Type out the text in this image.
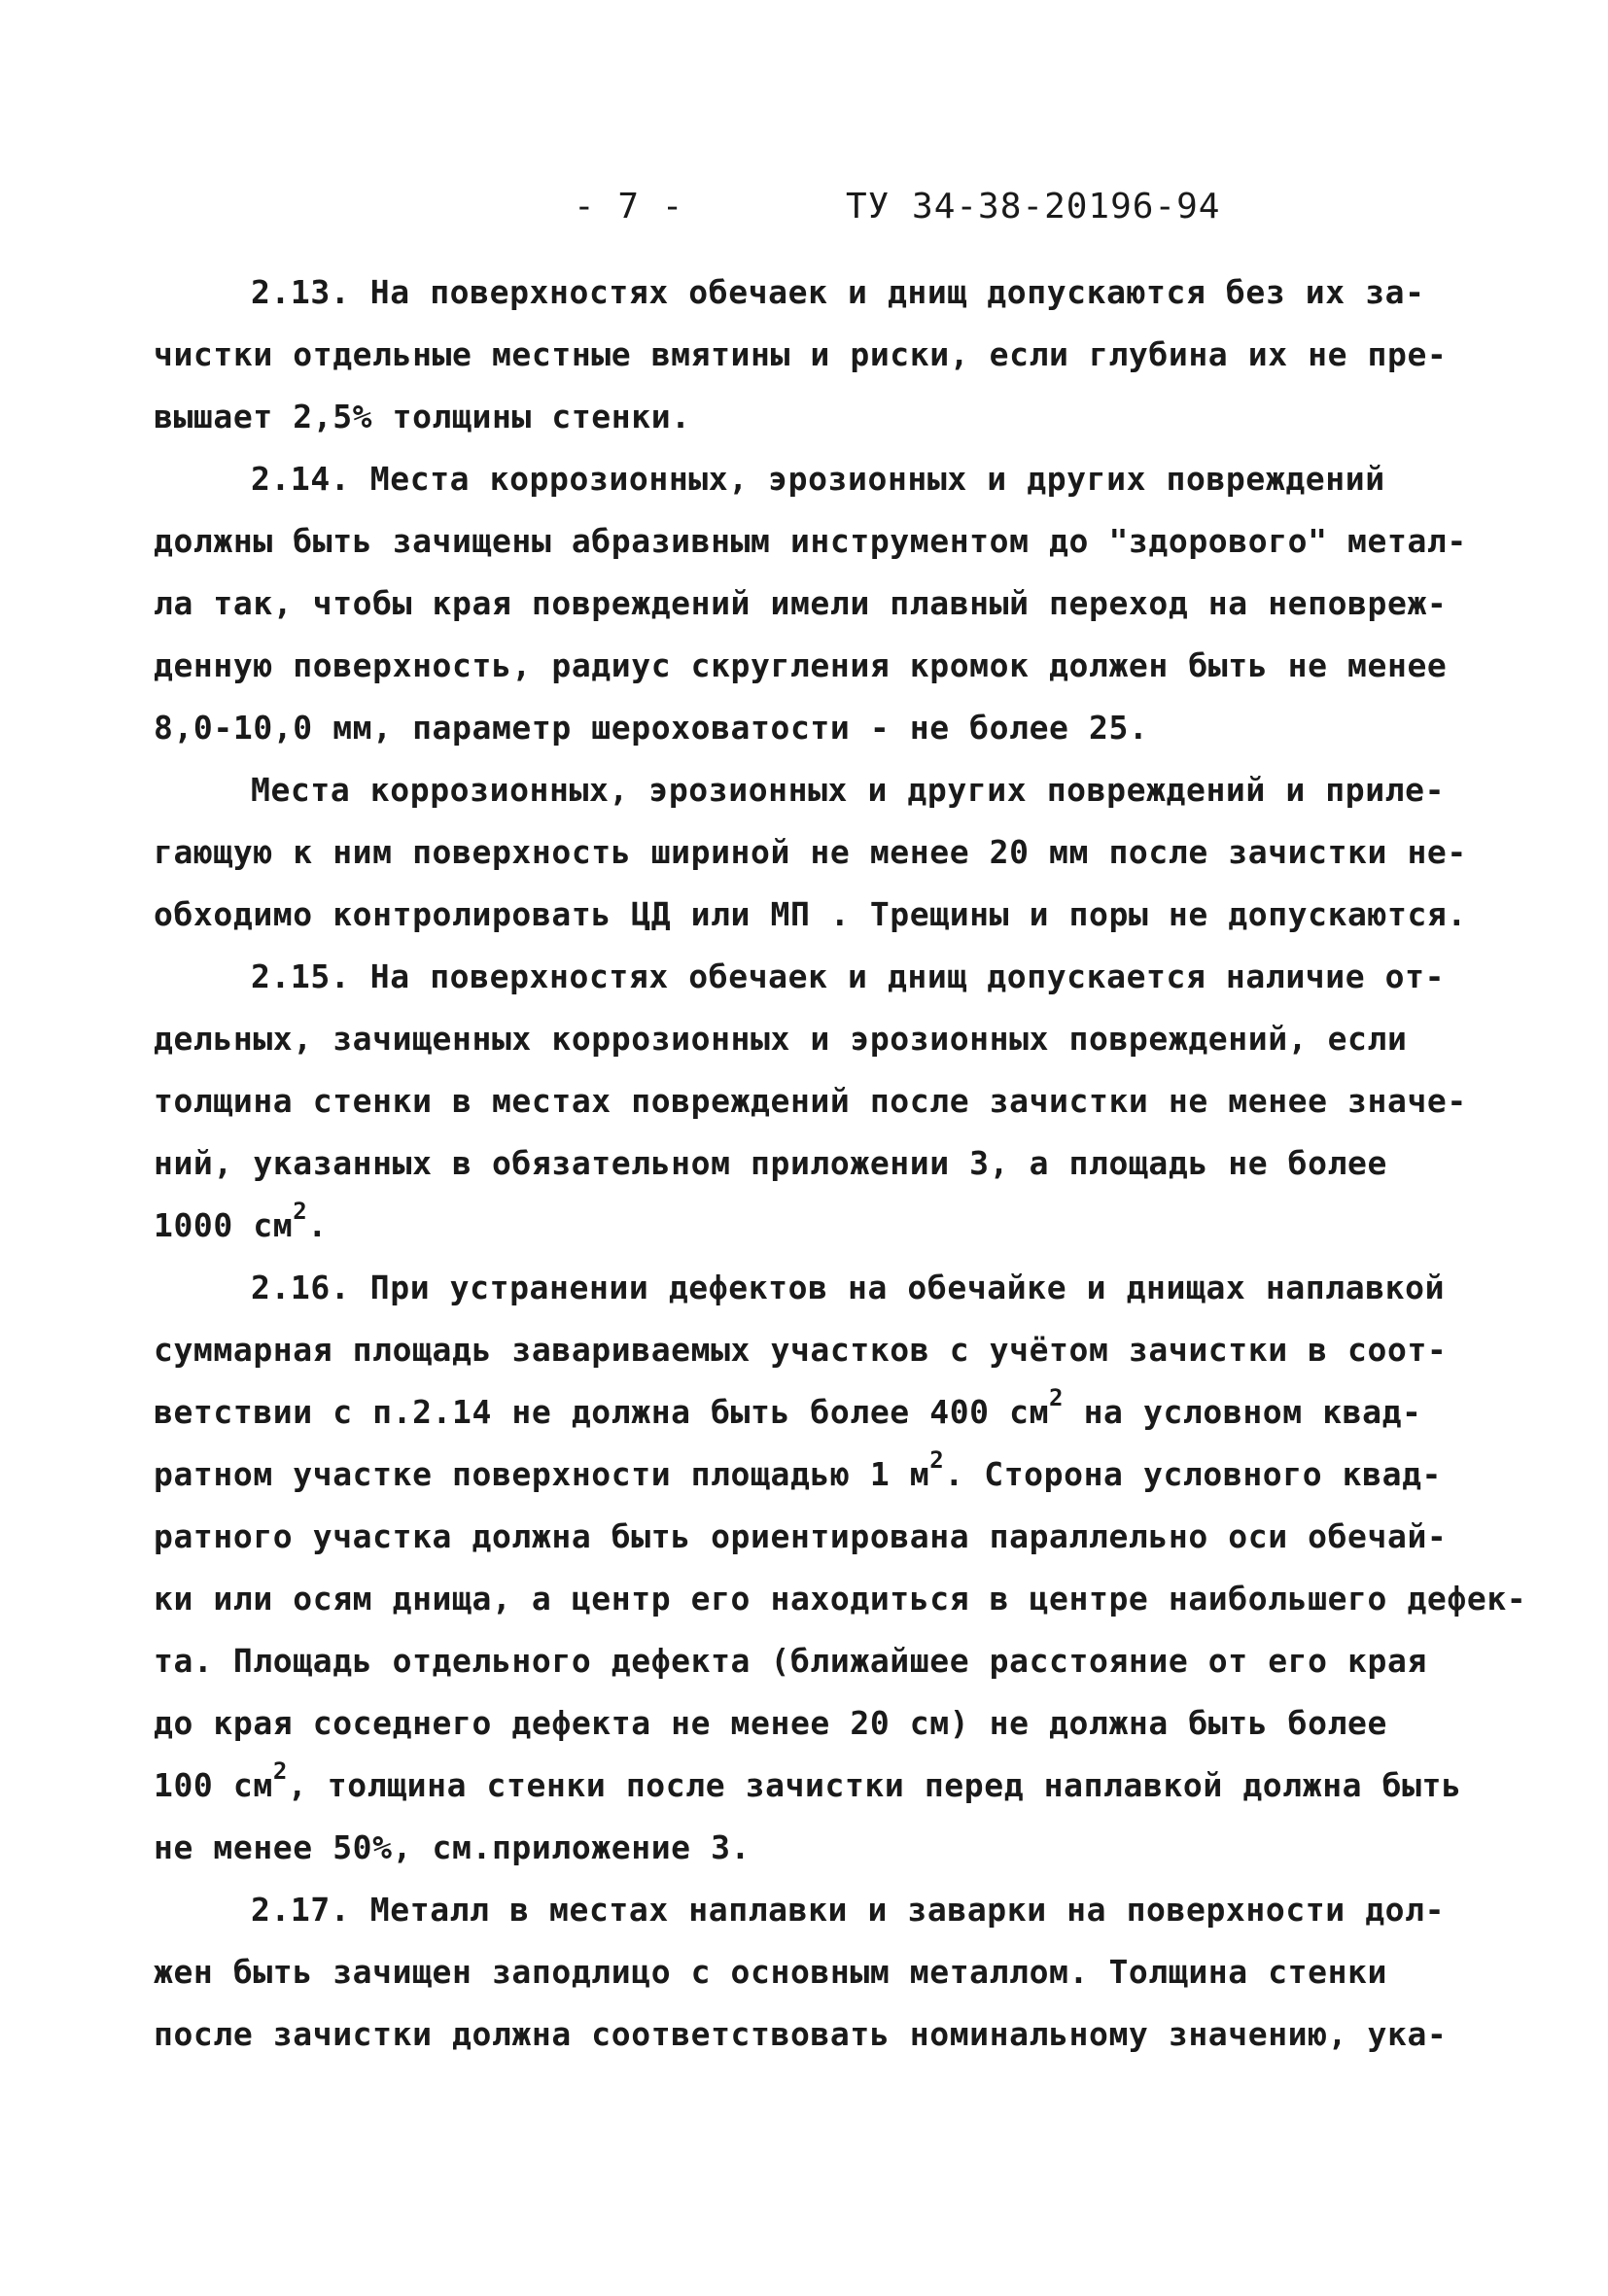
- 7 -	ТУ 34-38-20196-94
2.13. На поверхностях обечаек и днищ допускаются без их за-
чистки отдельные местные вмятины и риски, если глубина их не пре-
вышает 2,5% толщины стенки.
2.14. Места коррозионных, эрозионных и других повреждений
должны быть зачищены абразивным инструментом до "здорового" метал-
ла так, чтобы края повреждений имели плавный переход на неповреж-
денную поверхность, радиус скругления кромок должен быть не менее
8,0-10,0 мм, параметр шероховатости - не более 25.
Места коррозионных, эрозионных и других повреждений и приле-
гающую к ним поверхность шириной не менее 20 мм после зачистки не-
обходимо контролировать ЦД или МП . Трещины и поры не допускаются.
2.15. На поверхностях обечаек и днищ допускается наличие от-
дельных, зачищенных коррозионных и эрозионных повреждений, если
толщина стенки в местах повреждений после зачистки не менее значе-
ний, указанных в обязательном приложении 3, а площадь не более
1000 $см^2$.
2.16. При устранении дефектов на обечайке и днищах наплавкой
суммарная площадь завариваемых участков с учётом зачистки в соот-
ветствии с п.2.14 не должна быть более 400 $см^2$ на условном квад-
ратном участке поверхности площадью 1 $м^2$. Сторона условного квад-
ратного участка должна быть ориентирована параллельно оси обечай-
ки или осям днища, а центр его находиться в центре наибольшего дефек-
та. Площадь отдельного дефекта (ближайшее расстояние от его края
до края соседнего дефекта не менее 20 см) не должна быть более
100 $см^2$, толщина стенки после зачистки перед наплавкой должна быть
не менее 50%, см.приложение 3.
2.17. Металл в местах наплавки и заварки на поверхности дол-
жен быть зачищен заподлицо с основным металлом. Толщина стенки
после зачистки должна соответствовать номинальному значению, ука-
